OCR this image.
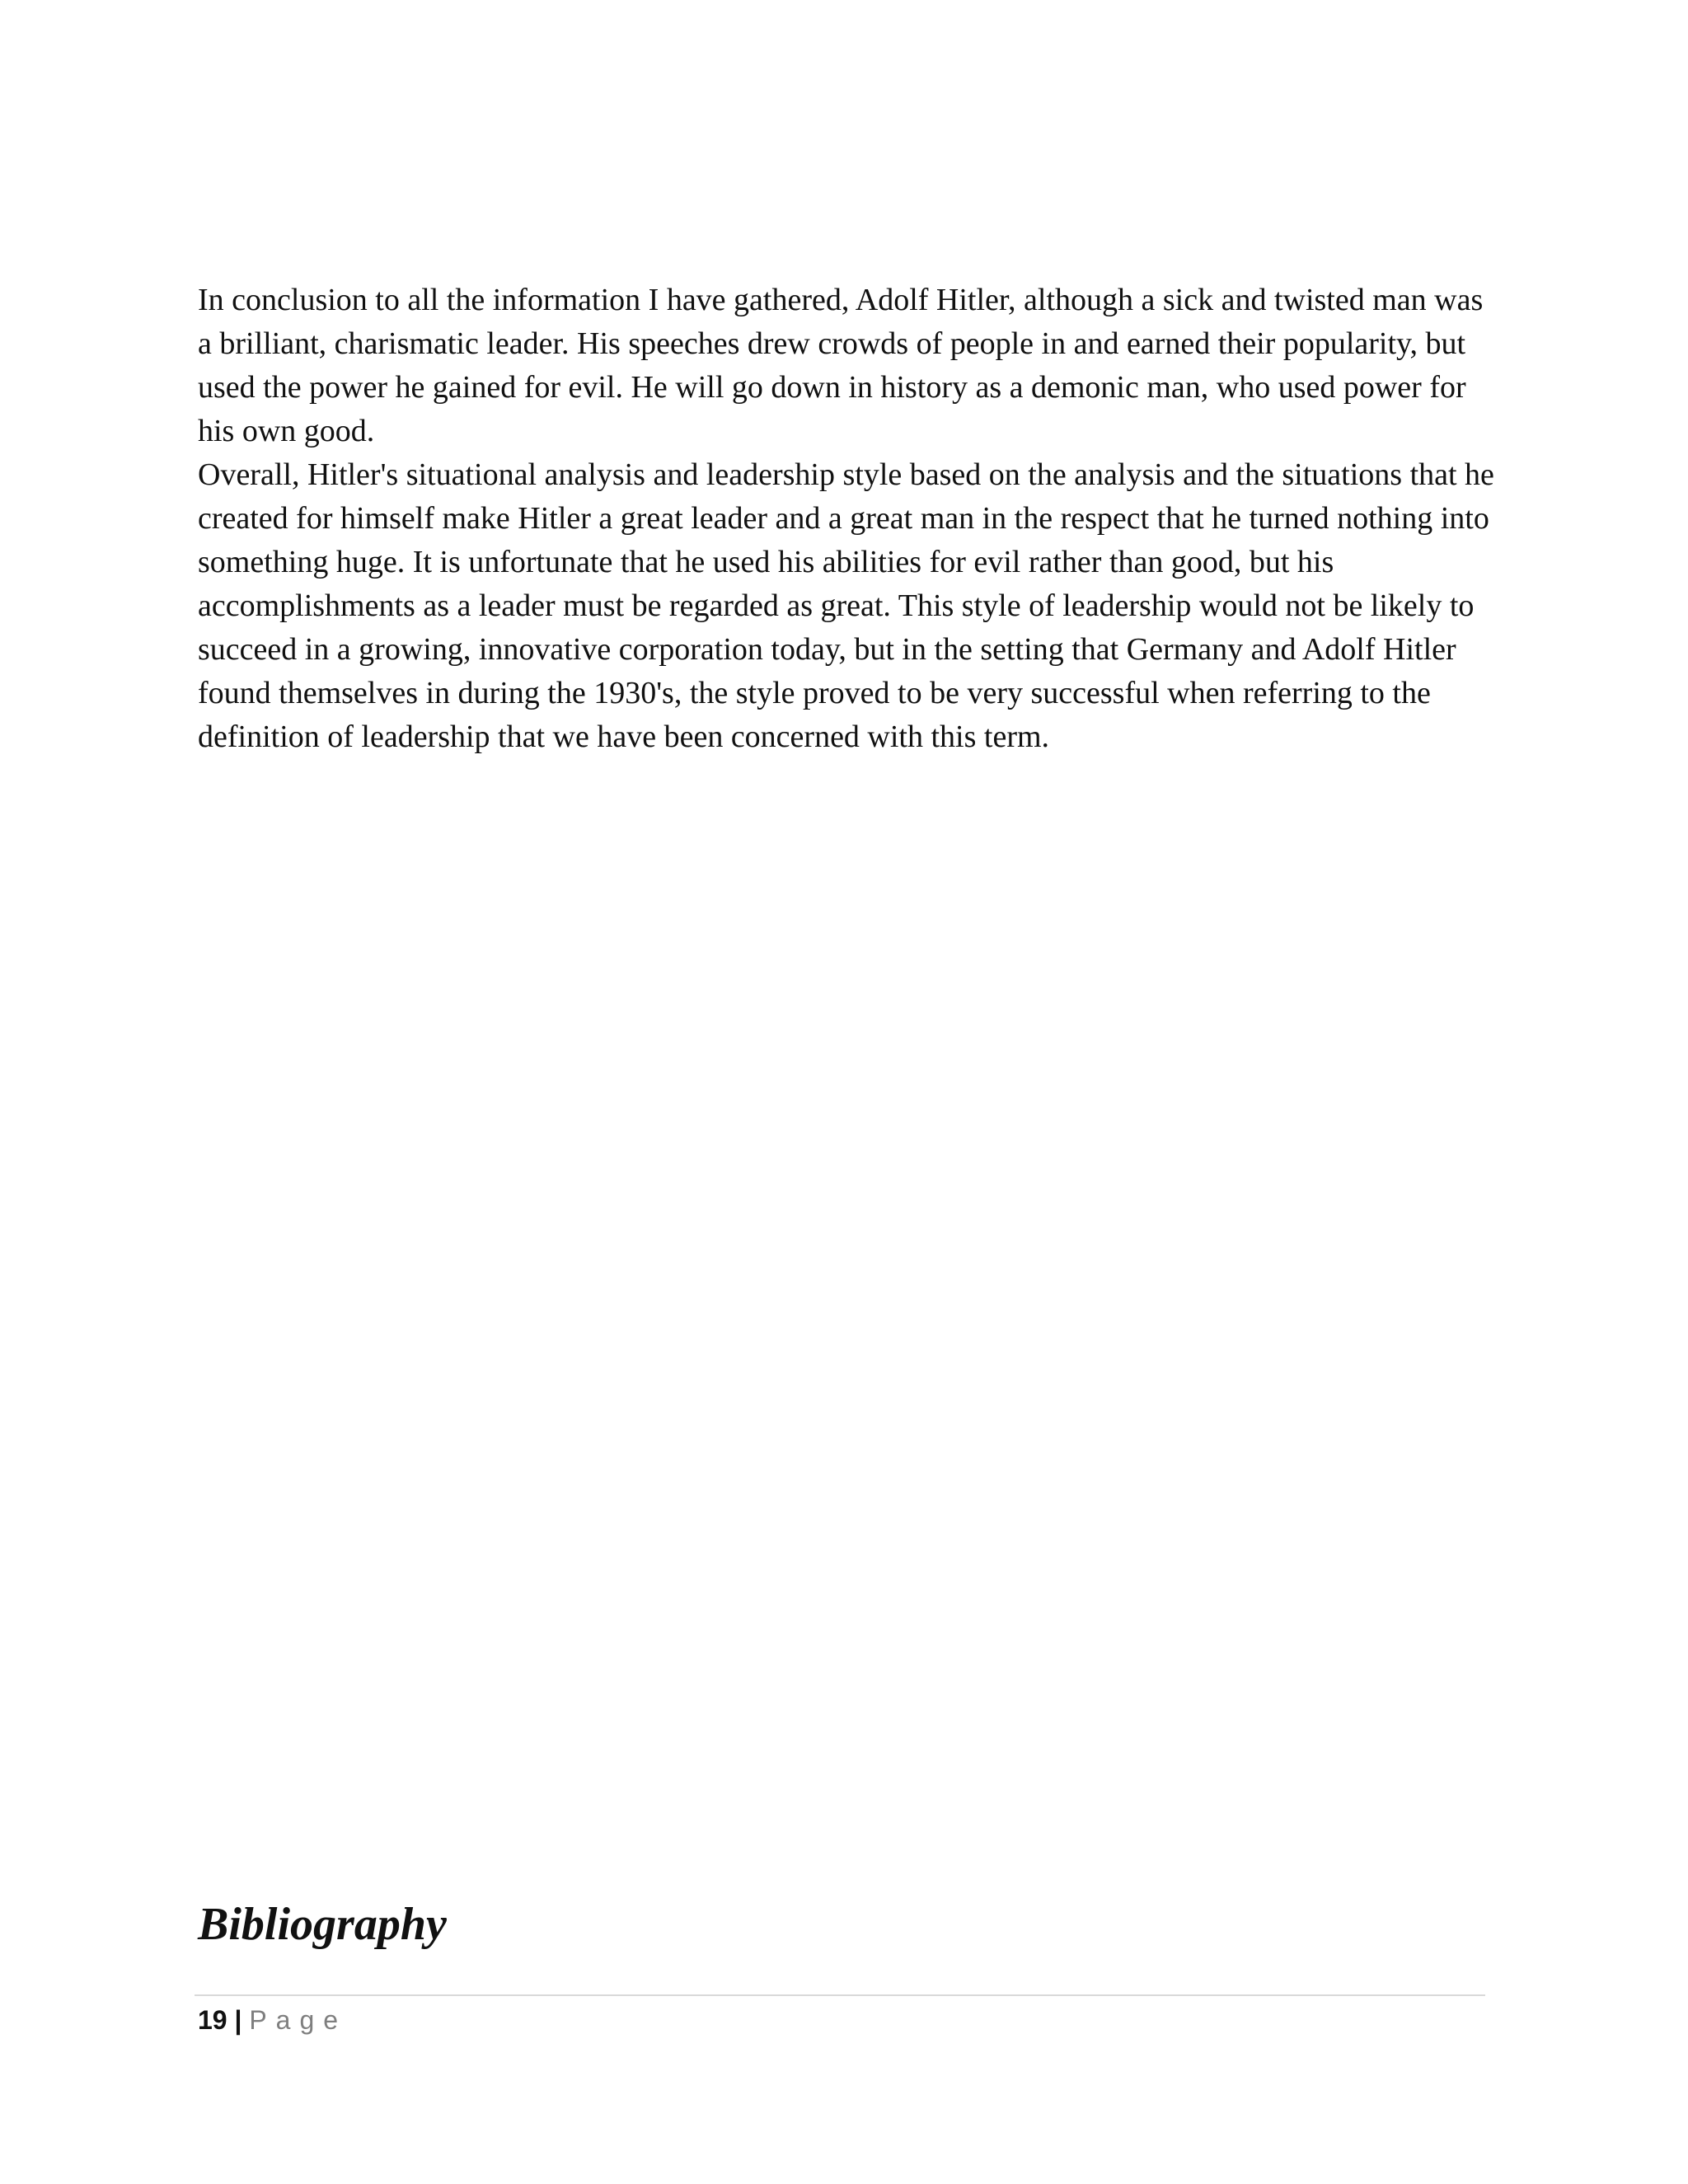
In conclusion to all the information I have gathered, Adolf Hitler, although a sick and twisted man was a brilliant, charismatic leader. His speeches drew crowds of people in and earned their popularity, but used the power he gained for evil. He will go down in history as a demonic man, who used power for his own good.

Overall, Hitler's situational analysis and leadership style based on the analysis and the situations that he created for himself make Hitler a great leader and a great man in the respect that he turned nothing into something huge. It is unfortunate that he used his abilities for evil rather than good, but his accomplishments as a leader must be regarded as great. This style of leadership would not be likely to succeed in a growing, innovative corporation today, but in the setting that Germany and Adolf Hitler found themselves in during the 1930's, the style proved to be very successful when referring to the definition of leadership that we have been concerned with this term.

Bibliography
19 | Page
